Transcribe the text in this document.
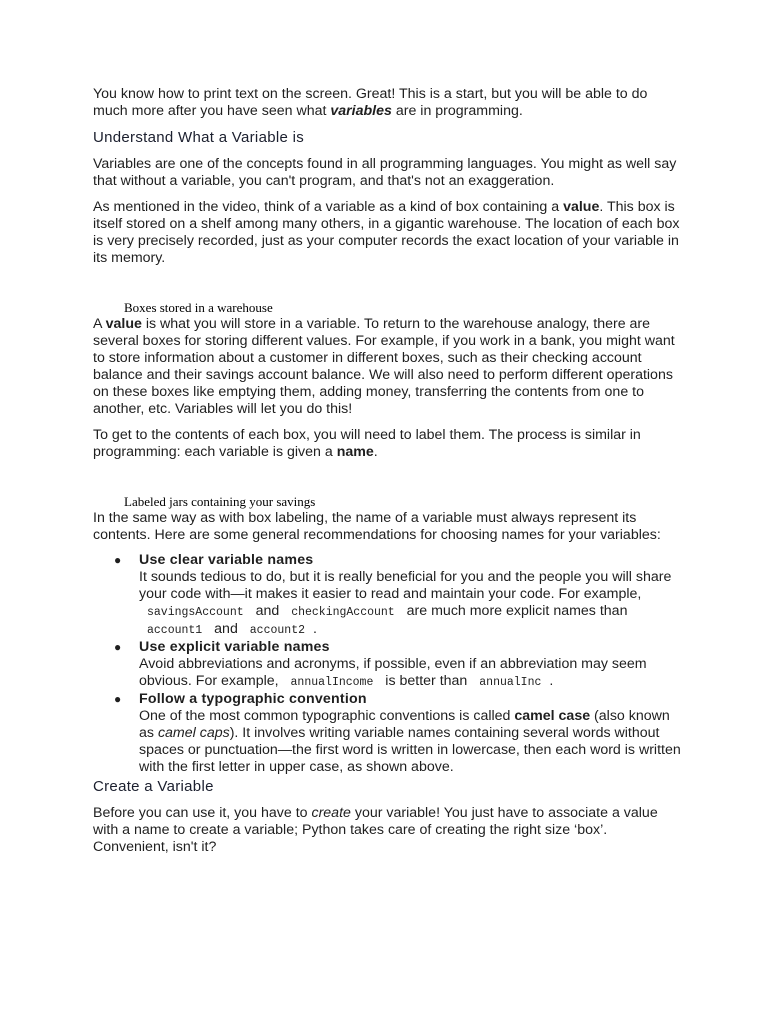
You know how to print text on the screen. Great! This is a start, but you will be able to do much more after you have seen what variables are in programming.

Understand What a Variable is

Variables are one of the concepts found in all programming languages. You might as well say that without a variable, you can't program, and that's not an exaggeration.

As mentioned in the video, think of a variable as a kind of box containing a value. This box is itself stored on a shelf among many others, in a gigantic warehouse. The location of each box is very precisely recorded, just as your computer records the exact location of your variable in its memory.

Boxes stored in a warehouse

A value is what you will store in a variable. To return to the warehouse analogy, there are several boxes for storing different values. For example, if you work in a bank, you might want to store information about a customer in different boxes, such as their checking account balance and their savings account balance. We will also need to perform different operations on these boxes like emptying them, adding money, transferring the contents from one to another, etc. Variables will let you do this!

To get to the contents of each box, you will need to label them. The process is similar in programming: each variable is given a name.

Labeled jars containing your savings

In the same way as with box labeling, the name of a variable must always represent its contents. Here are some general recommendations for choosing names for your variables:

● Use clear variable names
It sounds tedious to do, but it is really beneficial for you and the people you will share your code with—it makes it easier to read and maintain your code. For example, savingsAccount and checkingAccount are much more explicit names than account1 and account2 .
● Use explicit variable names
Avoid abbreviations and acronyms, if possible, even if an abbreviation may seem obvious. For example, annualIncome is better than annualInc .
● Follow a typographic convention
One of the most common typographic conventions is called camel case (also known as camel caps). It involves writing variable names containing several words without spaces or punctuation—the first word is written in lowercase, then each word is written with the first letter in upper case, as shown above.
Create a Variable

Before you can use it, you have to create your variable! You just have to associate a value with a name to create a variable; Python takes care of creating the right size ‘box’. Convenient, isn't it?
